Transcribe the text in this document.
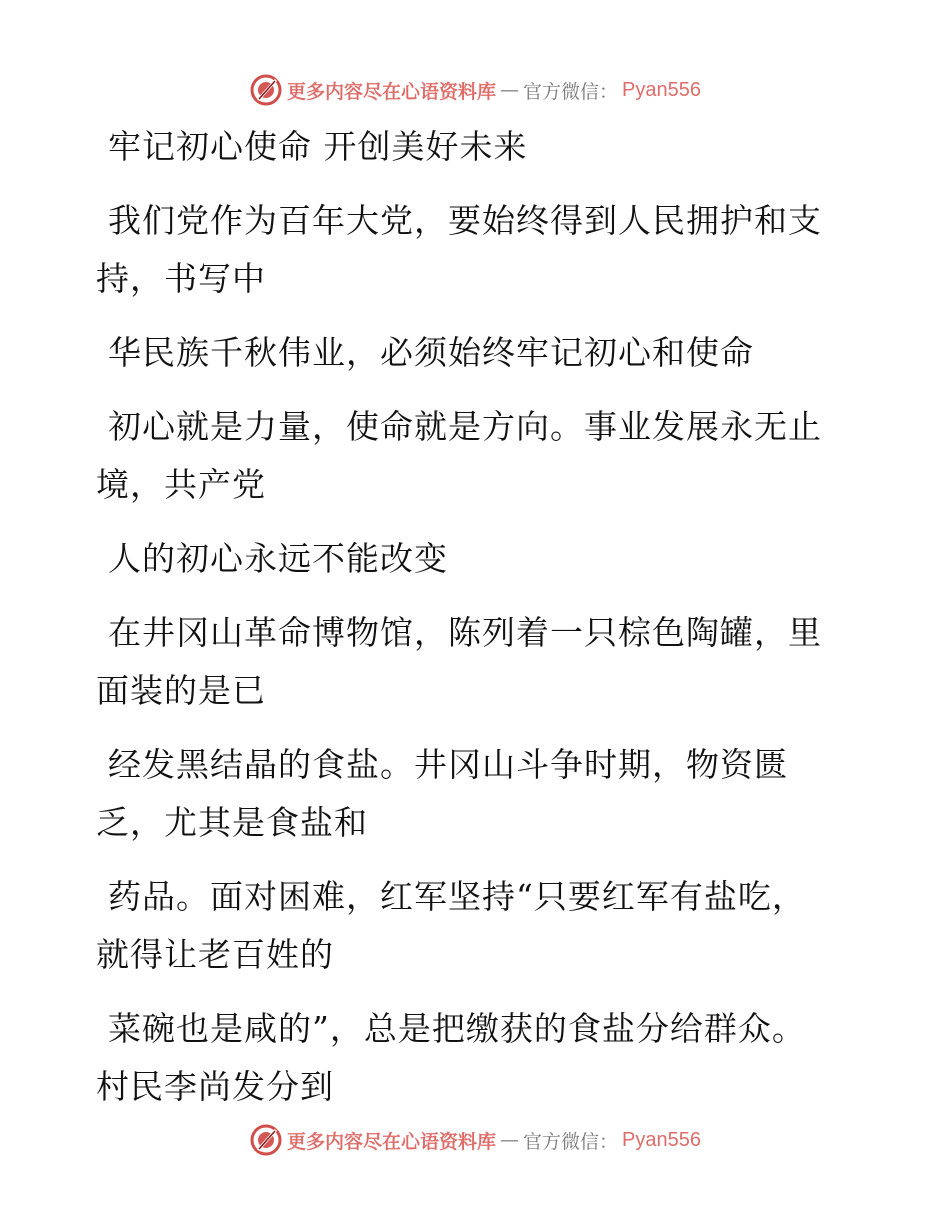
更多内容尽在心语资料库 — 官方微信： Pyan556
牢记初心使命 开创美好未来
我们党作为百年大党，要始终得到人民拥护和支
持，书写中
华民族千秋伟业，必须始终牢记初心和使命
初心就是力量，使命就是方向。事业发展永无止
境，共产党
人的初心永远不能改变
在井冈山革命博物馆，陈列着一只棕色陶罐，里
面装的是已
经发黑结晶的食盐。井冈山斗争时期，物资匮
乏，尤其是食盐和
药品。面对困难，红军坚持“只要红军有盐吃，
就得让老百姓的
菜碗也是咸的”，总是把缴获的食盐分给群众。
村民李尚发分到
更多内容尽在心语资料库 — 官方微信： Pyan556
